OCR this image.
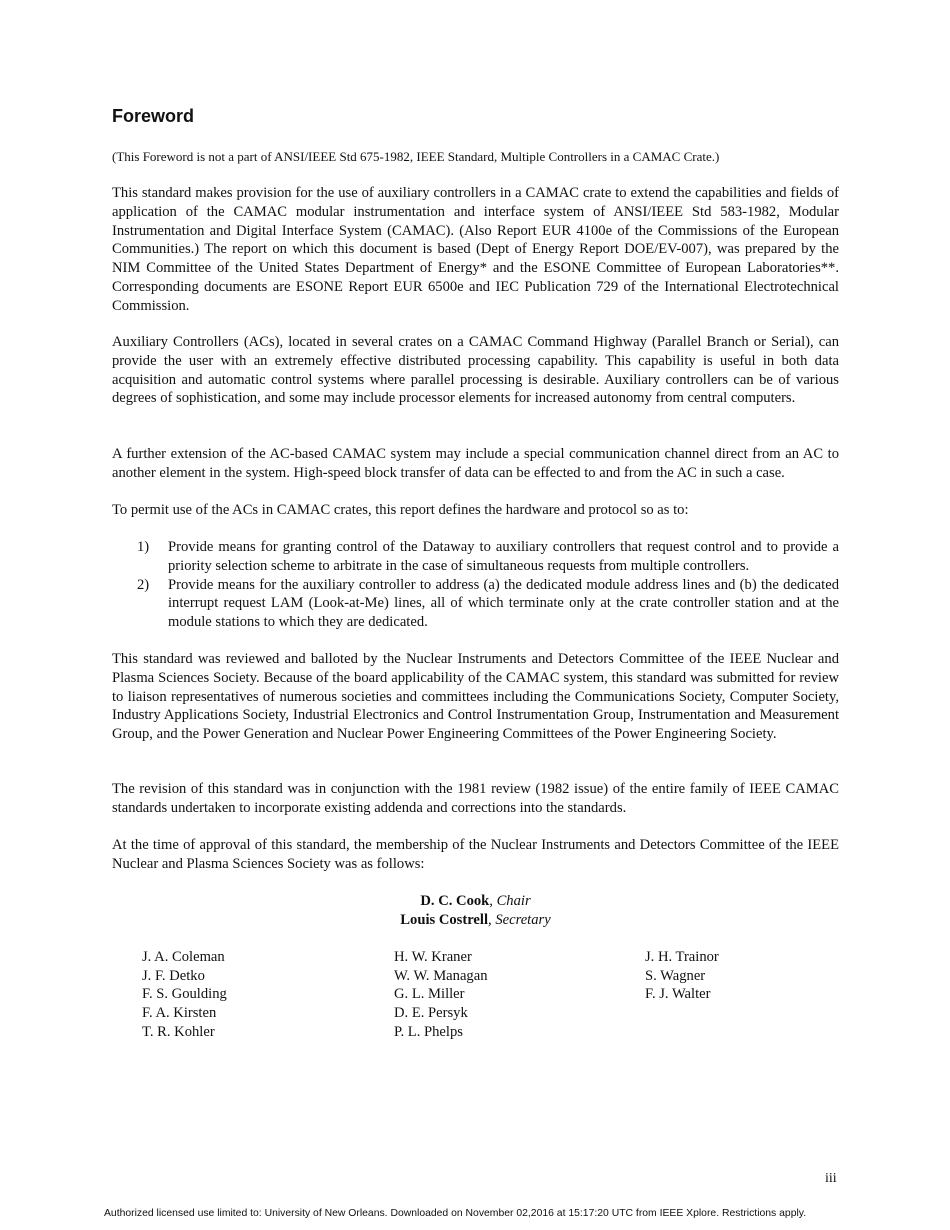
Foreword
(This Foreword is not a part of ANSI/IEEE Std 675-1982, IEEE Standard, Multiple Controllers in a CAMAC Crate.)

This standard makes provision for the use of auxiliary controllers in a CAMAC crate to extend the capabilities and fields of application of the CAMAC modular instrumentation and interface system of ANSI/IEEE Std 583-1982, Modular Instrumentation and Digital Interface System (CAMAC). (Also Report EUR 4100e of the Commissions of the European Communities.) The report on which this document is based (Dept of Energy Report DOE/EV-007), was prepared by the NIM Committee of the United States Department of Energy* and the ESONE Committee of European Laboratories**. Corresponding documents are ESONE Report EUR 6500e and IEC Publication 729 of the International Electrotechnical Commission.

Auxiliary Controllers (ACs), located in several crates on a CAMAC Command Highway (Parallel Branch or Serial), can provide the user with an extremely effective distributed processing capability. This capability is useful in both data acquisition and automatic control systems where parallel processing is desirable. Auxiliary controllers can be of various degrees of sophistication, and some may include processor elements for increased autonomy from central computers.

A further extension of the AC-based CAMAC system may include a special communication channel direct from an AC to another element in the system. High-speed block transfer of data can be effected to and from the AC in such a case.

To permit use of the ACs in CAMAC crates, this report defines the hardware and protocol so as to:

1) Provide means for granting control of the Dataway to auxiliary controllers that request control and to provide a priority selection scheme to arbitrate in the case of simultaneous requests from multiple controllers.
2) Provide means for the auxiliary controller to address (a) the dedicated module address lines and (b) the dedicated interrupt request LAM (Look-at-Me) lines, all of which terminate only at the crate controller station and at the module stations to which they are dedicated.

This standard was reviewed and balloted by the Nuclear Instruments and Detectors Committee of the IEEE Nuclear and Plasma Sciences Society. Because of the board applicability of the CAMAC system, this standard was submitted for review to liaison representatives of numerous societies and committees including the Communications Society, Computer Society, Industry Applications Society, Industrial Electronics and Control Instrumentation Group, Instrumentation and Measurement Group, and the Power Generation and Nuclear Power Engineering Committees of the Power Engineering Society.

The revision of this standard was in conjunction with the 1981 review (1982 issue) of the entire family of IEEE CAMAC standards undertaken to incorporate existing addenda and corrections into the standards.

At the time of approval of this standard, the membership of the Nuclear Instruments and Detectors Committee of the IEEE Nuclear and Plasma Sciences Society was as follows:

D. C. Cook, Chair
Louis Costrell, Secretary
J. A. Coleman
J. F. Detko
F. S. Goulding
F. A. Kirsten
T. R. Kohler
H. W. Kraner
W. W. Managan
G. L. Miller
D. E. Persyk
P. L. Phelps
J. H. Trainor
S. Wagner
F. J. Walter
iii
Authorized licensed use limited to: University of New Orleans. Downloaded on November 02,2016 at 15:17:20 UTC from IEEE Xplore. Restrictions apply.
